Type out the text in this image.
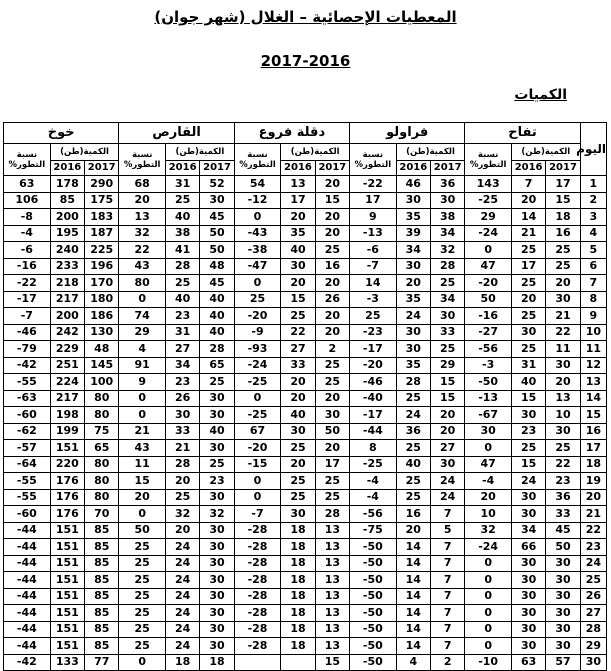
المعطيات الإحصائية – الغلال (شهر جوان)
2017-2016
الكميات
اليوم	تفاح			فراولو			دقلة فروع			القارص			خوخ		
	الكمية(طن)		نسبة التطور%	الكمية(طن)		نسبة التطور%	الكمية(طن)		نسبة التطور%	الكمية(طن)		نسبة التطور%	الكمية(طن)		نسبة التطور%
	2017	2016		2017	2016		2017	2016		2017	2016		2017	2016	
1	17	7	143	36	46	22-	20	13	54	52	31	68	290	178	63
2	15	20	25-	30	30	17	15	17	12-	30	25	20	175	85	106
3	18	14	29	38	35	9	20	20	0	45	40	13	183	200	8-
4	16	21	24-	34	39	13-	20	35	43-	50	38	32	187	195	4-
5	25	25	0	32	34	6-	25	40	38-	50	41	22	225	240	6-
6	25	17	47	28	30	7-	16	30	47-	48	28	43	196	233	16-
7	20	25	20-	25	20	14	20	20	0	45	25	80	170	218	22-
8	30	20	50	34	35	3-	26	15	25	40	40	0	180	217	17-
9	21	25	16-	30	24	25	20	25	20-	40	23	74	186	200	7-
10	22	30	27-	33	30	23-	20	22	9-	40	31	29	130	242	46-
11	11	25	56-	25	30	17-	2	27	93-	28	27	4	48	229	79-
12	30	31	3-	29	35	20-	25	33	24-	65	34	91	145	251	42-
13	20	40	50-	15	28	46-	25	20	25-	25	23	9	100	224	55-
14	13	15	13-	15	25	40-	20	20	0	30	26	0	80	217	63-
15	10	30	67-	20	24	17-	30	40	25-	30	30	0	80	198	60-
16	30	23	30	20	36	44-	50	30	67	40	33	21	75	199	62-
17	25	25	0	27	25	8	20	25	20-	30	21	43	65	151	57-
18	22	15	47	30	40	25-	17	20	15-	25	28	11	80	220	64-
19	23	24	4-	24	25	4-	25	25	0	23	20	15	80	176	55-
20	36	30	20	24	25	4-	25	25	0	30	25	20	80	176	55-
21	33	30	10	7	16	56-	28	30	7-	32	32	0	70	176	60-
22	45	34	32	5	20	75-	13	18	28-	30	20	50	85	151	44-
23	50	66	24-	7	14	50-	13	18	28-	30	24	25	85	151	44-
24	30	30	0	7	14	50-	13	18	28-	30	24	25	85	151	44-
25	30	30	0	7	14	50-	13	18	28-	30	24	25	85	151	44-
26	30	30	0	7	14	50-	13	18	28-	30	24	25	85	151	44-
27	30	30	0	7	14	50-	13	18	28-	30	24	25	85	151	44-
28	30	30	0	7	14	50-	13	18	28-	30	24	25	85	151	44-
29	30	30	0	7	14	50-	13	18	28-	30	24	25	85	151	44-
30	57	63	10-	2	4	50-	15			18	18	0	77	133	42-
